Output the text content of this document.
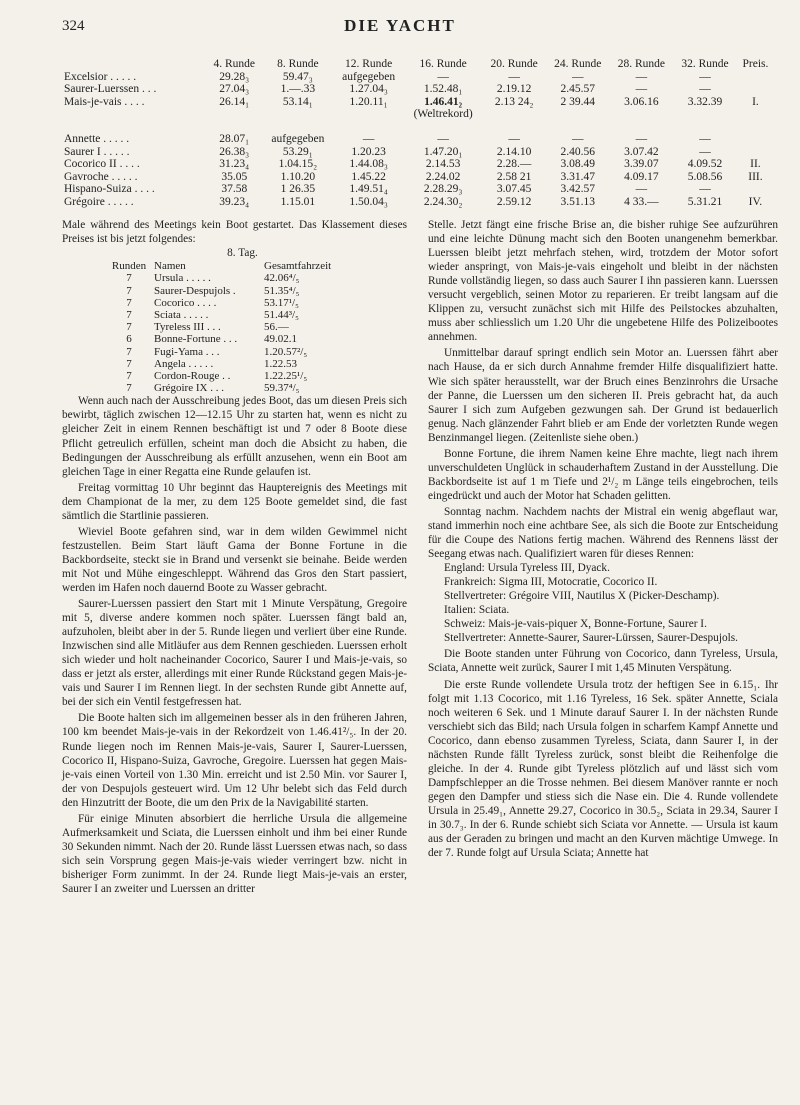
324	DIE YACHT
	4. Runde	8. Runde	12. Runde	16. Runde	20. Runde	24. Runde	28. Runde	32. Runde	Preis.
Excelsior . . . . .	29.28₃	59.47₃	aufgegeben	—	—	—	—	—	
Saurer-Luerssen . . .	27.04₃	1.—.33	1.27.04₃	1.52.48₁	2.19.12	2.45.57	—	—	
Mais-je-vais . . . .	26.14₁	53.14₁	1.20.11₁	1.46.41₂	2.13 24₂	2 39.44	3.06.16	3.32.39	I.
				(Weltrekord)					

Annette . . . . .	28.07₁	aufgegeben	—	—	—	—	—	—	
Saurer I . . . . .	26.38₃	53.29₁	1.20.23	1.47.20₁	2.14.10	2.40.56	3.07.42	—	
Cocorico II . . . .	31.23₄	1.04.15₂	1.44.08₃	2.14.53	2.28.—	3.08.49	3.39.07	4.09.52	II.
Gavroche . . . . .	35.05	1.10.20	1.45.22	2.24.02	2.58 21	3.31.47	4.09.17	5.08.56	III.
Hispano-Suiza . . . .	37.58	1 26.35	1.49.51₄	2.28.29₃	3.07.45	3.42.57	—	—	
Grégoire . . . . .	39.23₄	1.15.01	1.50.04₃	2.24.30₂	2.59.12	3.51.13	4 33.—	5.31.21	IV.

Male während des Meetings kein Boot gestartet. Das Klassement dieses Preises ist bis jetzt folgendes:

8. Tag.

Runden	Namen	Gesamtfahrzeit
7	Ursula . . . . .	42.06⁴/₅
7	Saurer-Despujols .	51.35⁴/₅
7	Cocorico . . . .	53.17¹/₅
7	Sciata . . . . .	51.44³/₅
7	Tyreless III . . .	56.—
6	Bonne-Fortune . . .	49.02.1
7	Fugi-Yama . . .	1.20.57²/₅
7	Angela . . . . .	1.22.53
7	Cordon-Rouge . .	1.22.25¹/₅
7	Grégoire IX . . .	59.37⁴/₅

Wenn auch nach der Ausschreibung jedes Boot, das um diesen Preis sich bewirbt, täglich zwischen 12—12.15 Uhr zu starten hat, wenn es nicht zu gleicher Zeit in einem Rennen beschäftigt ist und 7 oder 8 Boote diese Pflicht getreulich erfüllen, scheint man doch die Absicht zu haben, die Bedingungen der Ausschreibung als erfüllt anzusehen, wenn ein Boot am gleichen Tage in einer Regatta eine Runde gelaufen ist.

Freitag vormittag 10 Uhr beginnt das Hauptereignis des Meetings mit dem Championat de la mer, zu dem 125 Boote gemeldet sind, die fast sämtlich die Startlinie passieren.

Wieviel Boote gefahren sind, war in dem wilden Gewimmel nicht festzustellen. Beim Start läuft Gama der Bonne Fortune in die Backbordseite, steckt sie in Brand und versenkt sie beinahe. Beide werden mit Not und Mühe eingeschleppt. Während das Gros den Start passiert, werden im Hafen noch dauernd Boote zu Wasser gebracht.

Saurer-Luerssen passiert den Start mit 1 Minute Verspätung, Gregoire mit 5, diverse andere kommen noch später. Luerssen fängt bald an, aufzuholen, bleibt aber in der 5. Runde liegen und verliert über eine Runde. Inzwischen sind alle Mitläufer aus dem Rennen geschieden. Luerssen erholt sich wieder und holt nacheinander Cocorico, Saurer I und Mais-je-vais, so dass er jetzt als erster, allerdings mit einer Runde Rückstand gegen Mais-je-vais und Saurer I im Rennen liegt. In der sechsten Runde gibt Annette auf, bei der sich ein Ventil festgefressen hat.

Die Boote halten sich im allgemeinen besser als in den früheren Jahren, 100 km beendet Mais-je-vais in der Rekordzeit von 1.46.41²/₅. In der 20. Runde liegen noch im Rennen Mais-je-vais, Saurer I, Saurer-Luerssen, Cocorico II, Hispano-Suiza, Gavroche, Gregoire. Luerssen hat gegen Mais-je-vais einen Vorteil von 1.30 Min. erreicht und ist 2.50 Min. vor Saurer I, der von Despujols gesteuert wird. Um 12 Uhr belebt sich das Feld durch den Hinzutritt der Boote, die um den Prix de la Navigabilité starten.

Für einige Minuten absorbiert die herrliche Ursula die allgemeine Aufmerksamkeit und Sciata, die Luerssen einholt und ihm bei einer Runde 30 Sekunden nimmt. Nach der 20. Runde lässt Luerssen etwas nach, so dass sich sein Vorsprung gegen Mais-je-vais wieder verringert bzw. nicht in bisheriger Form zunimmt. In der 24. Runde liegt Mais-je-vais an erster, Saurer I an zweiter und Luerssen an dritter

Stelle. Jetzt fängt eine frische Brise an, die bisher ruhige See aufzurühren und eine leichte Dünung macht sich den Booten unangenehm bemerkbar. Luerssen bleibt jetzt mehrfach stehen, wird, trotzdem der Motor sofort wieder anspringt, von Mais-je-vais eingeholt und bleibt in der nächsten Runde vollständig liegen, so dass auch Saurer I ihn passieren kann. Luerssen versucht vergeblich, seinen Motor zu reparieren. Er treibt langsam auf die Klippen zu, versucht zunächst sich mit Hilfe des Peilstockes abzuhalten, muss aber schliesslich um 1.20 Uhr die ungebetene Hilfe des Polizeibootes annehmen.

Unmittelbar darauf springt endlich sein Motor an. Luerssen fährt aber nach Hause, da er sich durch Annahme fremder Hilfe disqualifiziert hatte. Wie sich später herausstellt, war der Bruch eines Benzinrohrs die Ursache der Panne, die Luerssen um den sicheren II. Preis gebracht hat, da auch Saurer I sich zum Aufgeben gezwungen sah. Der Grund ist bedauerlich genug. Nach glänzender Fahrt blieb er am Ende der vorletzten Runde wegen Benzinmangel liegen. (Zeitenliste siehe oben.)

Bonne Fortune, die ihrem Namen keine Ehre machte, liegt nach ihrem unverschuldeten Unglück in schauderhaftem Zustand in der Ausstellung. Die Backbordseite ist auf 1 m Tiefe und 2¹/₂ m Länge teils eingebrochen, teils eingedrückt und auch der Motor hat Schaden gelitten.

Sonntag nachm. Nachdem nachts der Mistral ein wenig abgeflaut war, stand immerhin noch eine achtbare See, als sich die Boote zur Entscheidung für die Coupe des Nations fertig machen. Während des Rennens lässt der Seegang etwas nach. Qualifiziert waren für dieses Rennen:

England: Ursula Tyreless III, Dyack.

Frankreich: Sigma III, Motocratie, Cocorico II.

Stellvertreter: Grégoire VIII, Nautilus X (Picker-Deschamp).

Italien: Sciata.

Schweiz: Mais-je-vais-piquer X, Bonne-Fortune, Saurer I.

Stellvertreter: Annette-Saurer, Saurer-Lürssen, Saurer-Despujols.

Die Boote standen unter Führung von Cocorico, dann Tyreless, Ursula, Sciata, Annette weit zurück, Saurer I mit 1,45 Minuten Verspätung.

Die erste Runde vollendete Ursula trotz der heftigen See in 6.15₁. Ihr folgt mit 1.13 Cocorico, mit 1.16 Tyreless, 16 Sek. später Annette, Sciala noch weiteren 6 Sek. und 1 Minute darauf Saurer I. In der nächsten Runde verschiebt sich das Bild; nach Ursula folgen in scharfem Kampf Annette und Cocorico, dann ebenso zusammen Tyreless, Sciata, dann Saurer I, in der nächsten Runde fällt Tyreless zurück, sonst bleibt die Reihenfolge die gleiche. In der 4. Runde gibt Tyreless plötzlich auf und lässt sich vom Dampfschlepper an die Trosse nehmen. Bei diesem Manöver rannte er noch gegen den Dampfer und stiess sich die Nase ein. Die 4. Runde vollendete Ursula in 25.49₁, Annette 29.27, Cocorico in 30.5₂, Sciata in 29.34, Saurer I in 30.7₃. In der 6. Runde schiebt sich Sciata vor Annette. — Ursula ist kaum aus der Geraden zu bringen und macht an den Kurven mächtige Umwege. In der 7. Runde folgt auf Ursula Sciata; Annette hat
